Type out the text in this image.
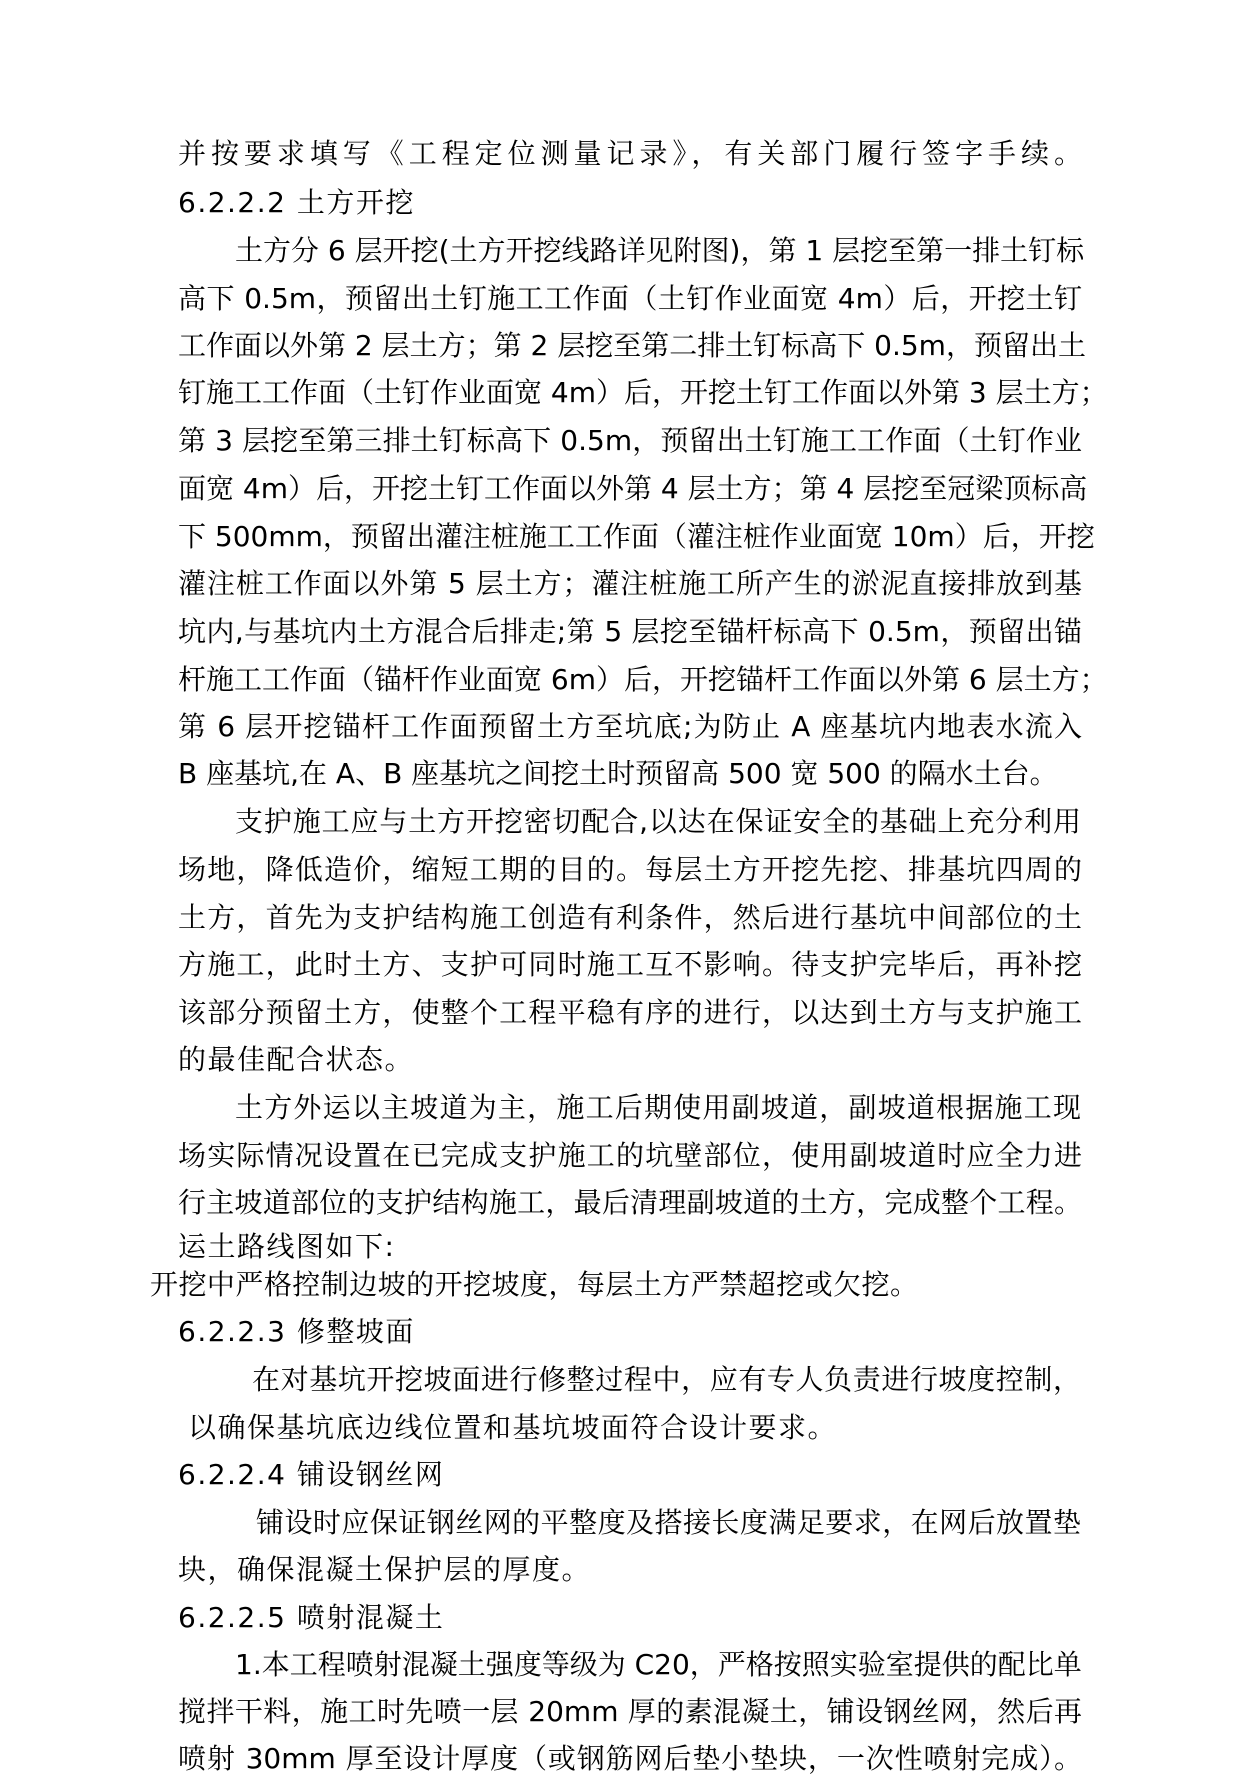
并按要求填写《工程定位测量记录》，有关部门履行签字手续。
6.2.2.2 土方开挖
土方分 6 层开挖(土方开挖线路详见附图)，第 1 层挖至第一排土钉标
高下 0.5m，预留出土钉施工工作面（土钉作业面宽 4m）后，开挖土钉
工作面以外第 2 层土方；第 2 层挖至第二排土钉标高下 0.5m，预留出土
钉施工工作面（土钉作业面宽 4m）后，开挖土钉工作面以外第 3 层土方；
第 3 层挖至第三排土钉标高下 0.5m，预留出土钉施工工作面（土钉作业
面宽 4m）后，开挖土钉工作面以外第 4 层土方；第 4 层挖至冠梁顶标高
下 500mm，预留出灌注桩施工工作面（灌注桩作业面宽 10m）后，开挖
灌注桩工作面以外第 5 层土方；灌注桩施工所产生的淤泥直接排放到基
坑内,与基坑内土方混合后排走;第 5 层挖至锚杆标高下 0.5m，预留出锚
杆施工工作面（锚杆作业面宽 6m）后，开挖锚杆工作面以外第 6 层土方；
第 6 层开挖锚杆工作面预留土方至坑底;为防止 A 座基坑内地表水流入
B 座基坑,在 A、B 座基坑之间挖土时预留高 500 宽 500 的隔水土台。
支护施工应与土方开挖密切配合,以达在保证安全的基础上充分利用
场地，降低造价，缩短工期的目的。每层土方开挖先挖、排基坑四周的
土方，首先为支护结构施工创造有利条件，然后进行基坑中间部位的土
方施工，此时土方、支护可同时施工互不影响。待支护完毕后，再补挖
该部分预留土方，使整个工程平稳有序的进行，以达到土方与支护施工
的最佳配合状态。
土方外运以主坡道为主，施工后期使用副坡道，副坡道根据施工现
场实际情况设置在已完成支护施工的坑壁部位，使用副坡道时应全力进
行主坡道部位的支护结构施工，最后清理副坡道的土方，完成整个工程。
运土路线图如下:
开挖中严格控制边坡的开挖坡度，每层土方严禁超挖或欠挖。
6.2.2.3 修整坡面
在对基坑开挖坡面进行修整过程中，应有专人负责进行坡度控制，
以确保基坑底边线位置和基坑坡面符合设计要求。
6.2.2.4 铺设钢丝网
铺设时应保证钢丝网的平整度及搭接长度满足要求，在网后放置垫
块，确保混凝土保护层的厚度。
6.2.2.5 喷射混凝土
1.本工程喷射混凝土强度等级为 C20，严格按照实验室提供的配比单
搅拌干料，施工时先喷一层 20mm 厚的素混凝土，铺设钢丝网，然后再
喷射 30mm 厚至设计厚度（或钢筋网后垫小垫块，一次性喷射完成）。
